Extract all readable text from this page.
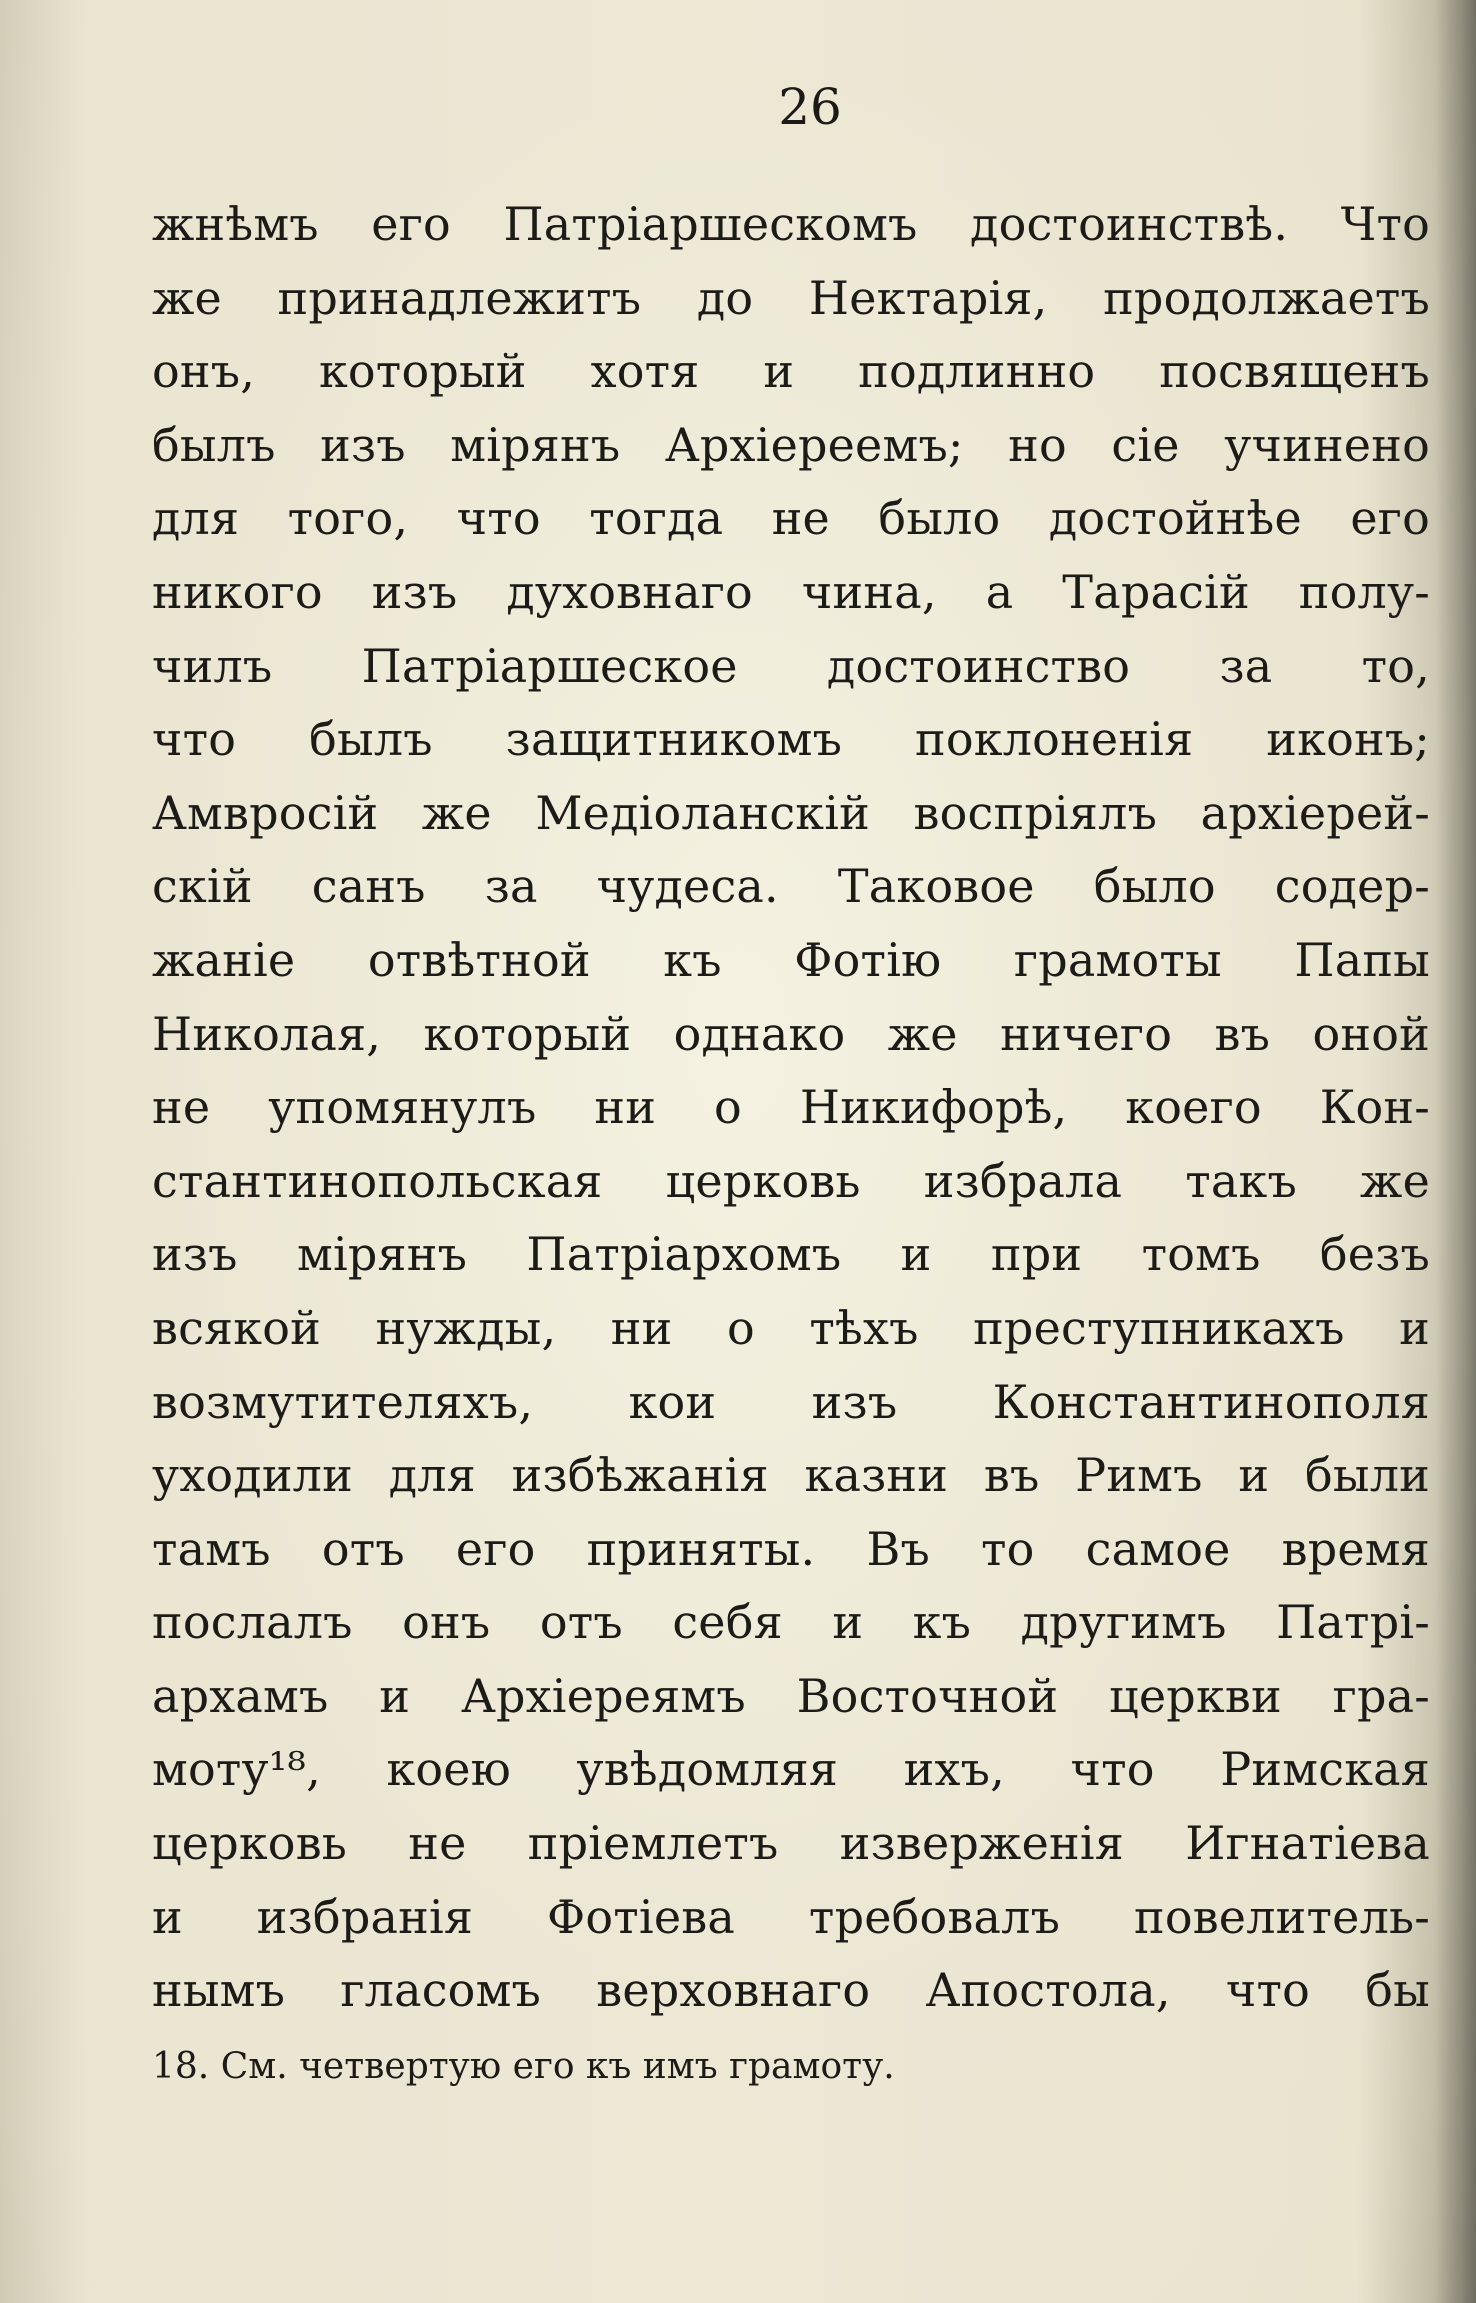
26
жнѣмъ его Патріаршескомъ достоинствѣ. Что
же принадлежитъ до Нектарія, продолжаетъ
онъ, который хотя и подлинно посвященъ
былъ изъ мірянъ Архіереемъ; но сіе учинено
для того, что тогда не было достойнѣе его
никого изъ духовнаго чина, а Тарасій полу-
чилъ Патріаршеское достоинство за то,
что былъ защитникомъ поклоненія иконъ;
Амвросій же Медіоланскій воспріялъ архіерей-
скій санъ за чудеса. Таковое было содер-
жаніе отвѣтной къ Фотію грамоты Папы
Николая, который однако же ничего въ оной
не упомянулъ ни о Никифорѣ, коего Кон-
стантинопольская церковь избрала такъ же
изъ мірянъ Патріархомъ и при томъ безъ
всякой нужды, ни о тѣхъ преступникахъ и
возмутителяхъ, кои изъ Константинополя
уходили для избѣжанія казни въ Римъ и были
тамъ отъ его приняты. Въ то самое время
послалъ онъ отъ себя и къ другимъ Патрі-
архамъ и Архіереямъ Восточной церкви гра-
моту¹⁸, коею увѣдомляя ихъ, что Римская
церковь не пріемлетъ изверженія Игнатіева
и избранія Фотіева требовалъ повелитель-
нымъ гласомъ верховнаго Апостола, что бы
18. См. четвертую его къ имъ грамоту.
